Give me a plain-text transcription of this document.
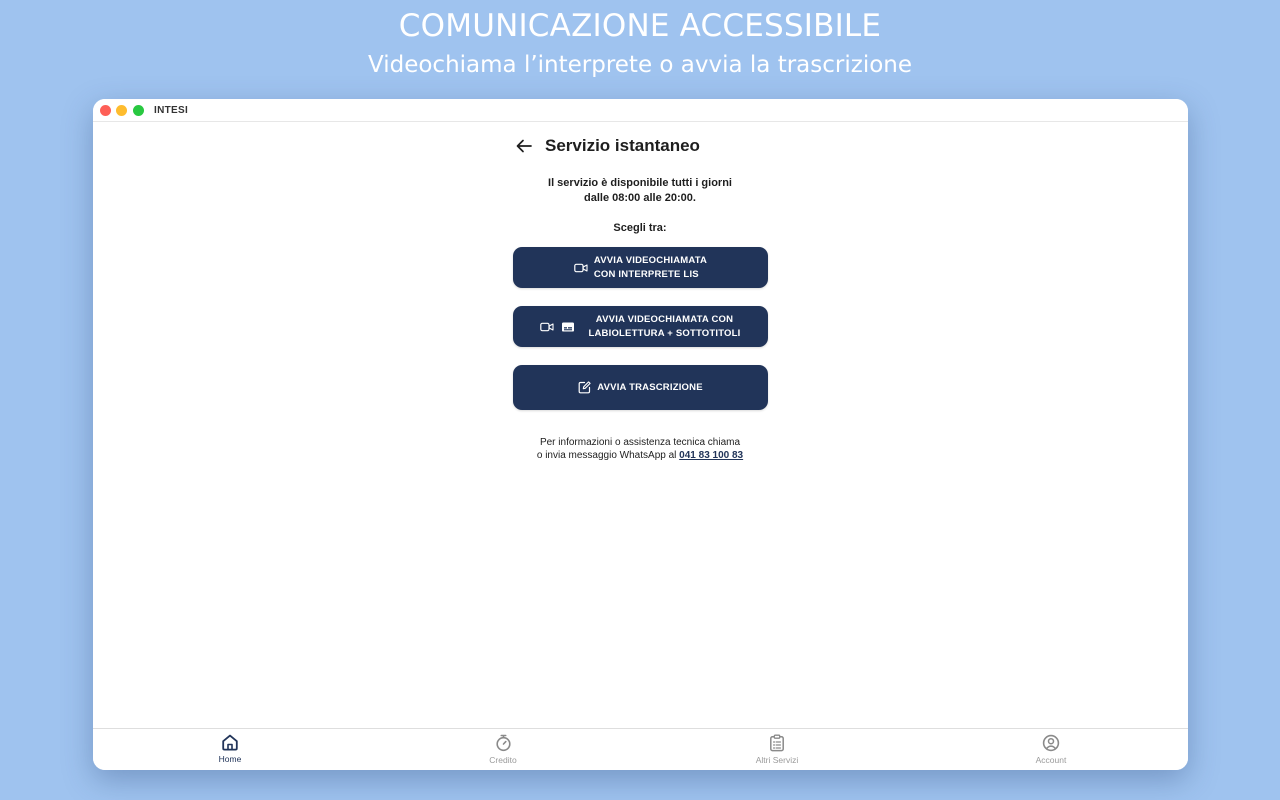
COMUNICAZIONE ACCESSIBILE
Videochiama l’interprete o avvia la trascrizione
INTESI
Servizio istantaneo
Il servizio è disponibile tutti i giorni
dalle 08:00 alle 20:00.
Scegli tra:
AVVIA VIDEOCHIAMATA
CON INTERPRETE LIS
AVVIA VIDEOCHIAMATA CON
LABIOLETTURA + SOTTOTITOLI
AVVIA TRASCRIZIONE
Per informazioni o assistenza tecnica chiama
o invia messaggio WhatsApp al 041 83 100 83
Home	Credito	Altri Servizi	Account
